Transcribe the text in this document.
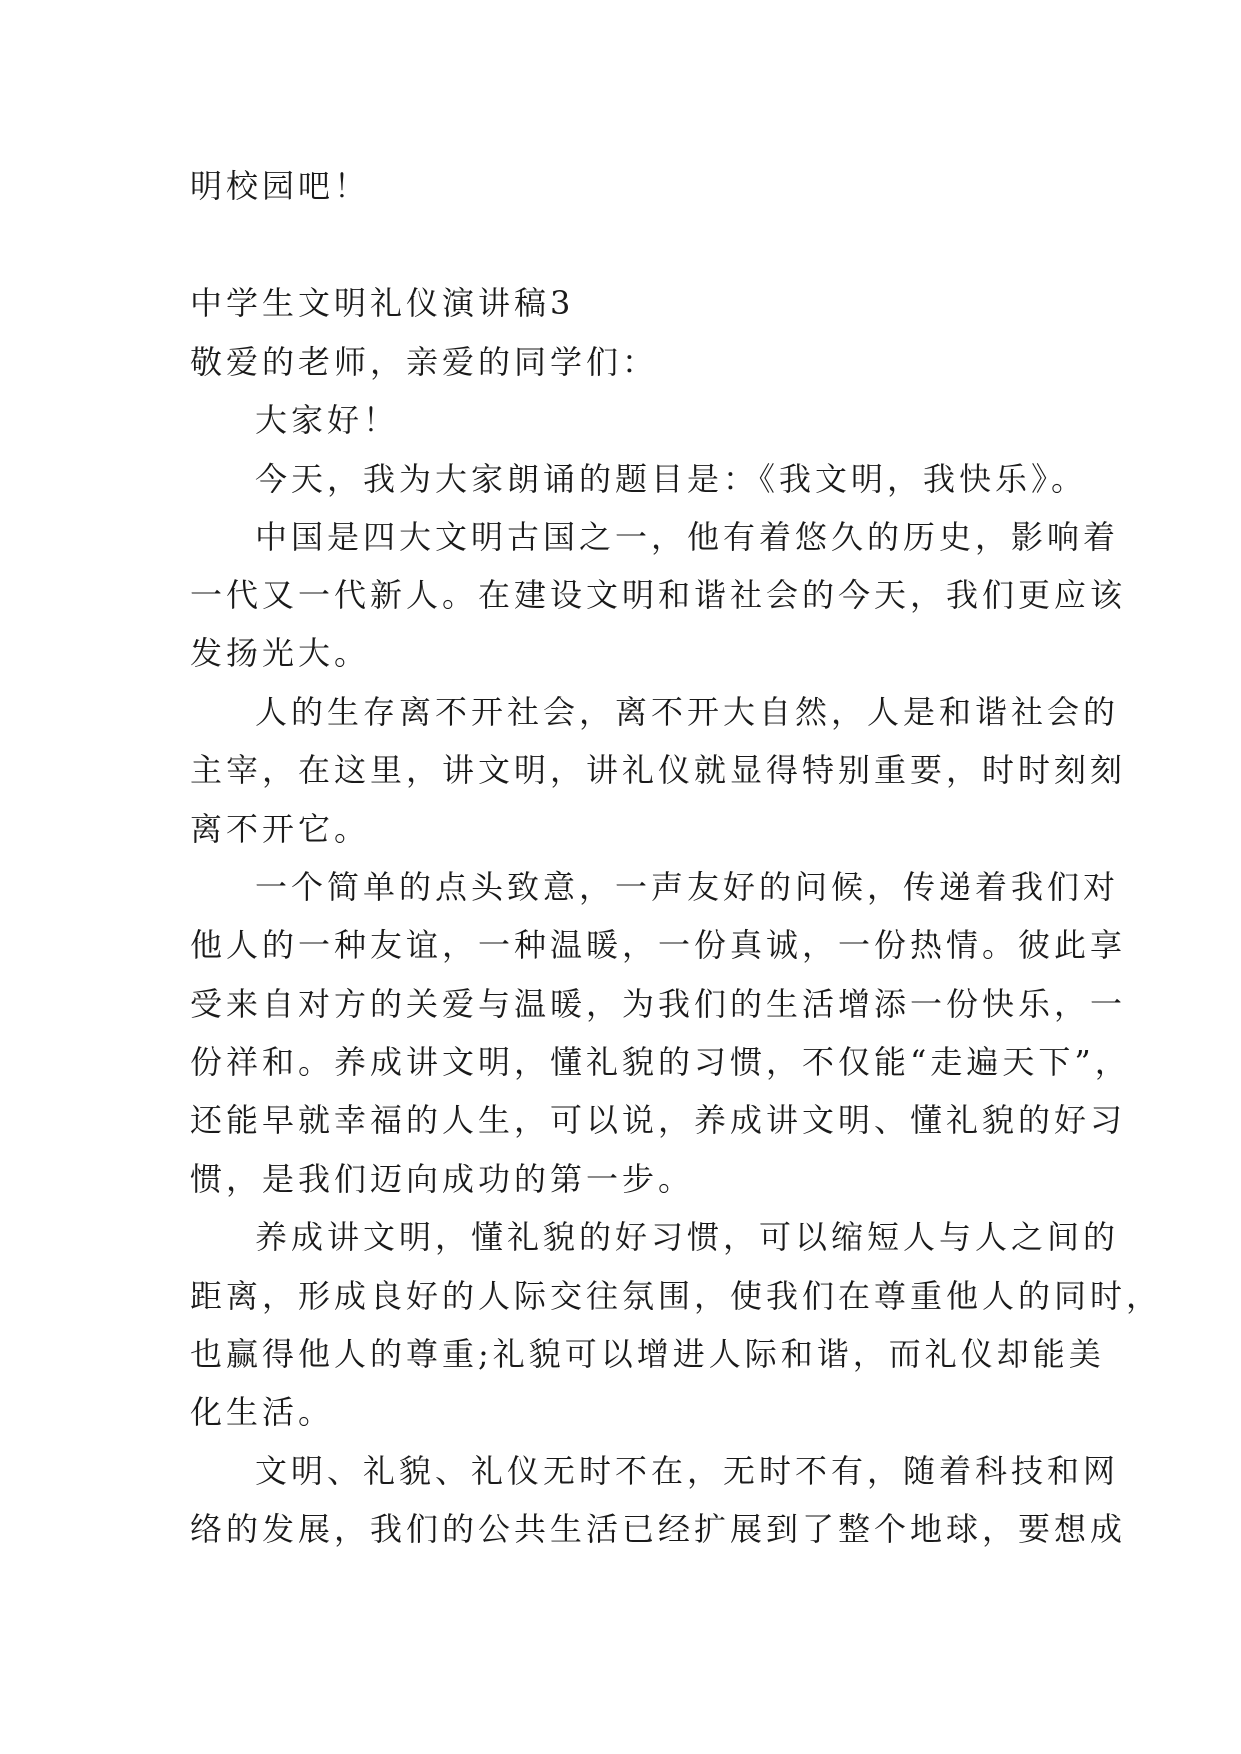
明校园吧！

中学生文明礼仪演讲稿3

敬爱的老师，亲爱的同学们：

大家好！

今天，我为大家朗诵的题目是：《我文明，我快乐》。

中国是四大文明古国之一，他有着悠久的历史，影响着

一代又一代新人。在建设文明和谐社会的今天，我们更应该

发扬光大。

人的生存离不开社会，离不开大自然，人是和谐社会的

主宰，在这里，讲文明，讲礼仪就显得特别重要，时时刻刻

离不开它。

一个简单的点头致意，一声友好的问候，传递着我们对

他人的一种友谊，一种温暖，一份真诚，一份热情。彼此享

受来自对方的关爱与温暖，为我们的生活增添一份快乐，一

份祥和。养成讲文明，懂礼貌的习惯，不仅能“走遍天下”，

还能早就幸福的人生，可以说，养成讲文明、懂礼貌的好习

惯，是我们迈向成功的第一步。

养成讲文明，懂礼貌的好习惯，可以缩短人与人之间的

距离，形成良好的人际交往氛围，使我们在尊重他人的同时，

也赢得他人的尊重;礼貌可以增进人际和谐，而礼仪却能美

化生活。

文明、礼貌、礼仪无时不在，无时不有，随着科技和网

络的发展，我们的公共生活已经扩展到了整个地球，要想成
